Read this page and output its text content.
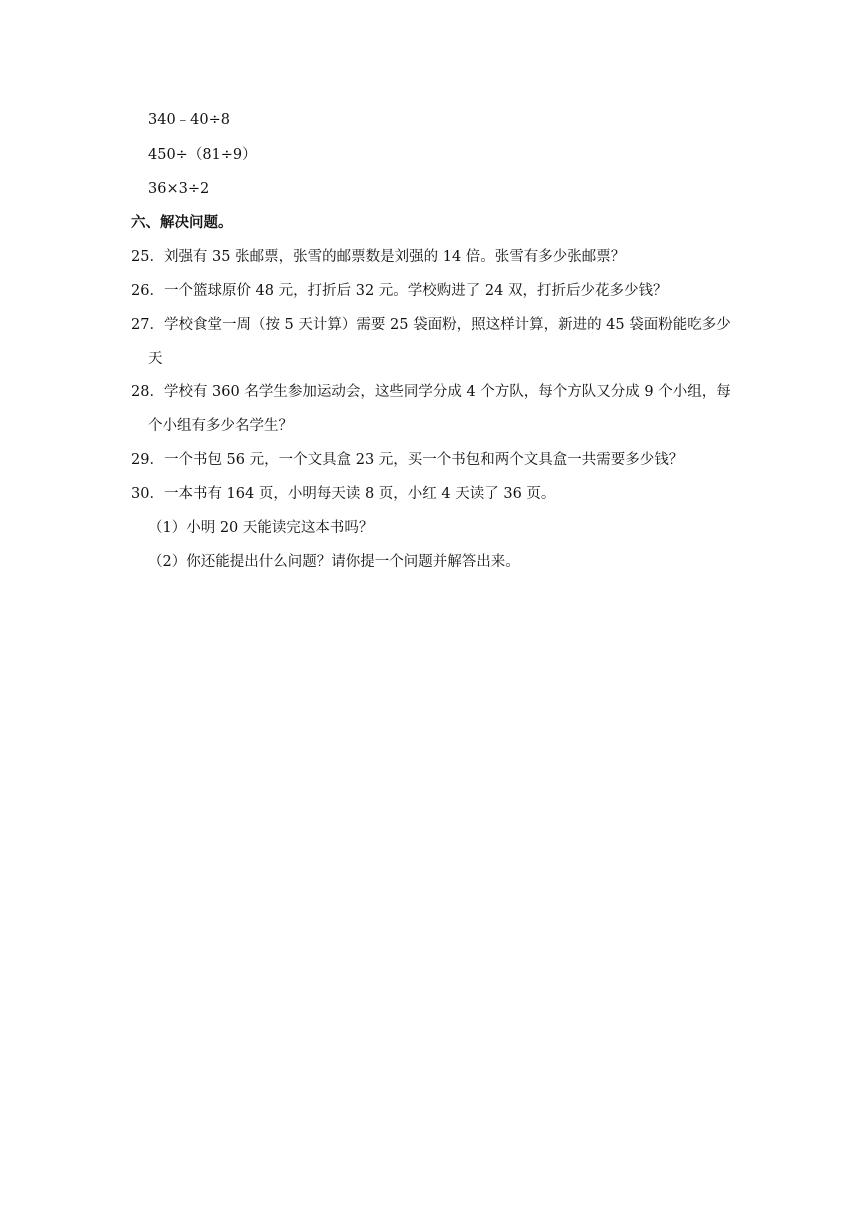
340﹣40÷8
450÷（81÷9）
36×3÷2
六、解决问题。
25．刘强有 35 张邮票，张雪的邮票数是刘强的 14 倍。张雪有多少张邮票？
26．一个篮球原价 48 元，打折后 32 元。学校购进了 24 双，打折后少花多少钱？
27．学校食堂一周（按 5 天计算）需要 25 袋面粉，照这样计算，新进的 45 袋面粉能吃多少
天
28．学校有 360 名学生参加运动会，这些同学分成 4 个方队，每个方队又分成 9 个小组，每
个小组有多少名学生？
29．一个书包 56 元，一个文具盒 23 元，买一个书包和两个文具盒一共需要多少钱？
30．一本书有 164 页，小明每天读 8 页，小红 4 天读了 36 页。
（1）小明 20 天能读完这本书吗？
（2）你还能提出什么问题？请你提一个问题并解答出来。
